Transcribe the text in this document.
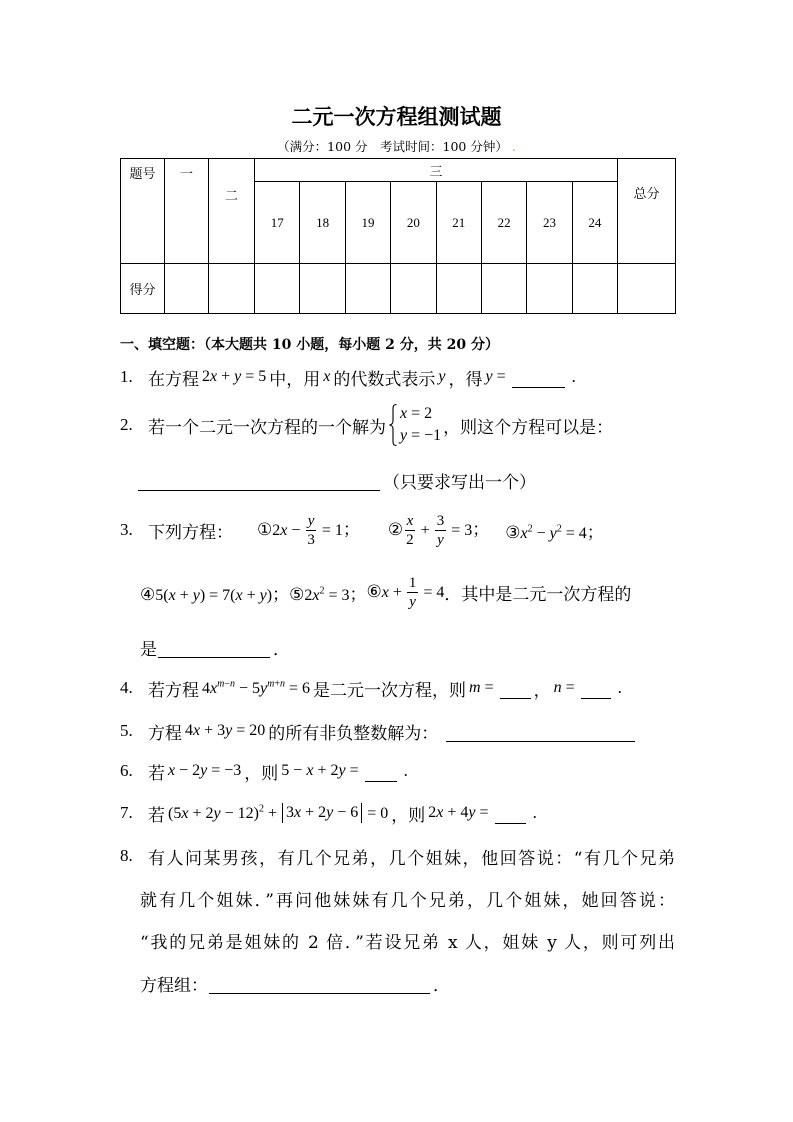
二元一次方程组测试题
（满分：100 分　考试时间：100 分钟） .
题号	一	二	三								总分
			17	18	19	20	21	22	23	24	
得分											
一、填空题：（本大题共 10 小题，每小题 2 分，共 20 分）
1. 在方程 2x + y = 5 中，用 x 的代数式表示 y ，得 y =	.
2. 若一个二元一次方程的一个解为
x = 2
y = −1 ，则这个方程可以是：
（只要求写出一个）
3. 下列方程： ①2x − $\frac{y}{3} = 1$； ② $\frac{x}{2} + \frac{3}{y} = 3$； $③x^2 - y^2 = 4$；
④5(x + y) = 7(x + y)； $⑤2x^2 = 3$； ⑥x + $\frac{1}{y} = 4$ ．其中是二元一次方程的
是	．
4. 若方程 $4x^{m-n} - 5y^{m+n} = 6$ 是二元一次方程，则 m = ， n =	.
5. 方程 4x + 3y = 20 的所有非负整数解为：
6. 若 x − 2y = −3 ，则 5 − x + 2y =	.
7. 若 $(5x + 2y - 12)^2 + 3x + 2y - 6 = 0$ ，则 2x + 4y =	.
8. 有人问某男孩，有几个兄弟，几个姐妹，他回答说：“有几个兄弟
就有几个姐妹．”再问他妹妹有几个兄弟，几个姐妹，她回答说：
“我的兄弟是姐妹的 2 倍．”若设兄弟 x 人，姐妹 y 人，则可列出
方程组：	．
